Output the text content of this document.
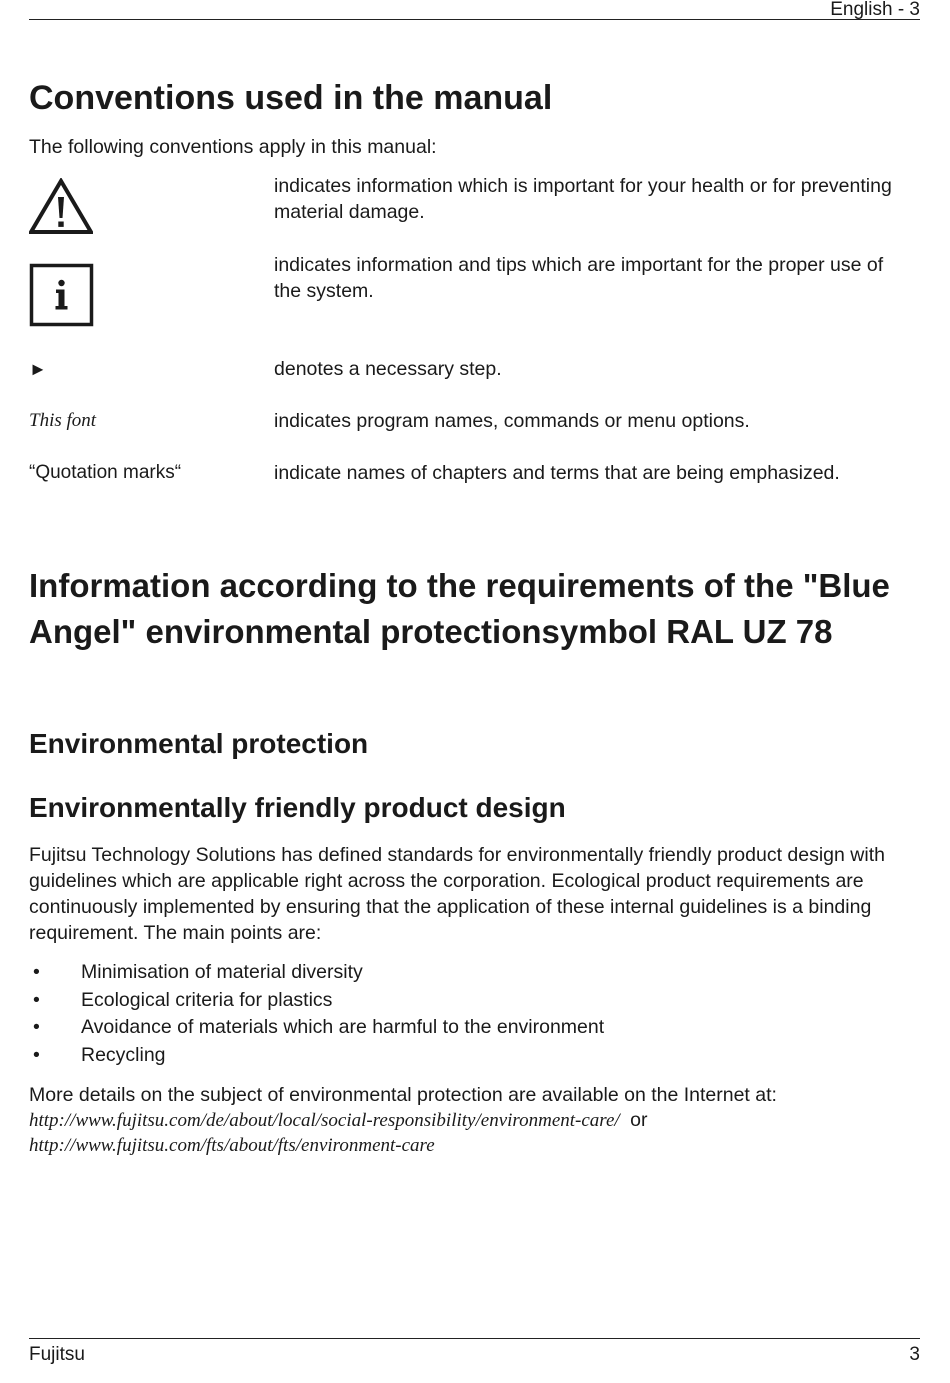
English - 3
Conventions used in the manual
The following conventions apply in this manual:
indicates information which is important for your health or for preventing material damage.
indicates information and tips which are important for the proper use of the system.
►	denotes a necessary step.
This font	indicates program names, commands or menu options.
“Quotation marks“	indicate names of chapters and terms that are being emphasized.
Information according to the requirements of the "Blue Angel" environmental protectionsymbol RAL UZ 78
Environmental protection
Environmentally friendly product design
Fujitsu Technology Solutions has defined standards for environmentally friendly product design with guidelines which are applicable right across the corporation. Ecological product requirements are continuously implemented by ensuring that the application of these internal guidelines is a binding requirement. The main points are:
• Minimisation of material diversity
• Ecological criteria for plastics
• Avoidance of materials which are harmful to the environment
• Recycling
More details on the subject of environmental protection are available on the Internet at:
http://www.fujitsu.com/de/about/local/social-responsibility/environment-care/ or
http://www.fujitsu.com/fts/about/fts/environment-care
Fujitsu	3
